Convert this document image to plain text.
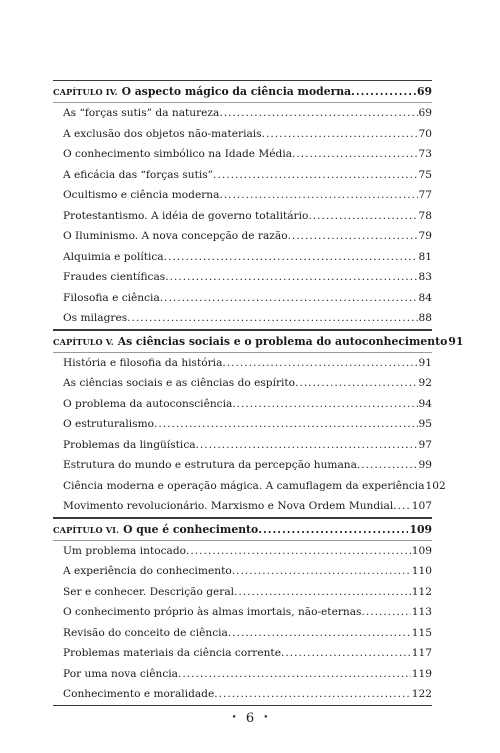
CAPÍTULO IV. O aspecto mágico da ciência moderna .....	69
As “forças sutis” da natureza .....	69
A exclusão dos objetos não-materiais .....	70
O conhecimento simbólico na Idade Média .....	73
A eficácia das “forças sutis” .....	75
Ocultismo e ciência moderna .....	77
Protestantismo. A idéia de governo totalitário .....	78
O Iluminismo. A nova concepção de razão .....	79
Alquimia e política .....	81
Fraudes científicas .....	83
Filosofia e ciência .....	84
Os milagres .....	88
CAPÍTULO V. As ciências sociais e o problema do autoconhecimento 91
História e filosofia da história .....	91
As ciências sociais e as ciências do espírito .....	92
O problema da autoconsciência .....	94
O estruturalismo .....	95
Problemas da lingüística .....	97
Estrutura do mundo e estrutura da percepção humana .....	99
Ciência moderna e operação mágica. A camuflagem da experiência 102
Movimento revolucionário. Marxismo e Nova Ordem Mundial ..... 107
CAPÍTULO VI. O que é conhecimento .....	109
Um problema intocado .....	109
A experiência do conhecimento .....	110
Ser e conhecer. Descrição geral .....	112
O conhecimento próprio às almas imortais, não-eternas .....	113
Revisão do conceito de ciência .....	115
Problemas materiais da ciência corrente .....	117
Por uma nova ciência .....	119
Conhecimento e moralidade .....	122
• 6 •
